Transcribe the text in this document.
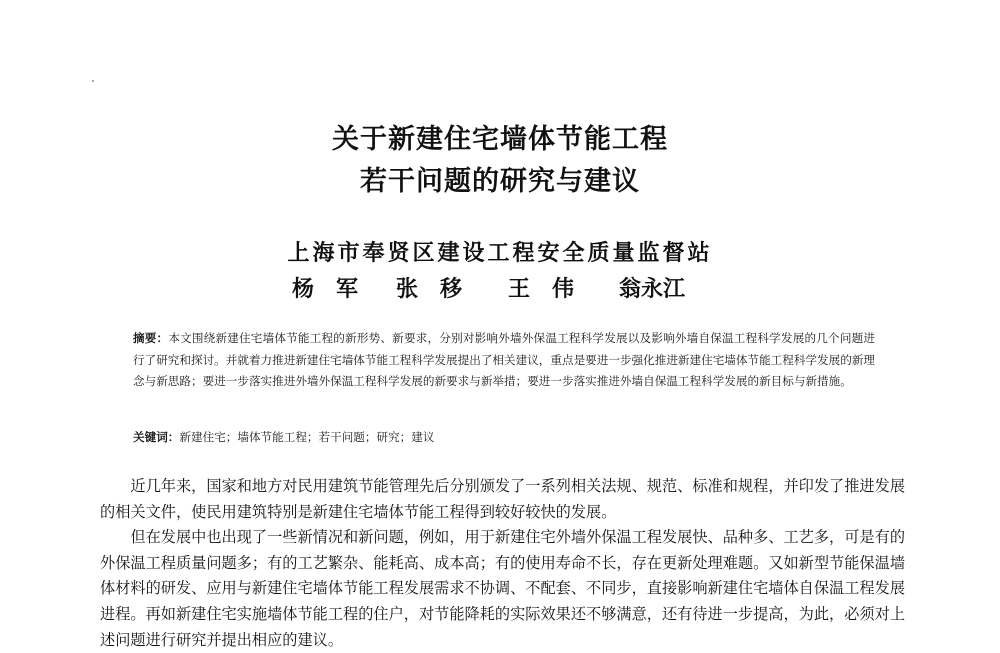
关于新建住宅墙体节能工程
若干问题的研究与建议
上海市奉贤区建设工程安全质量监督站
杨　军 张　移 王　伟 翁永江
摘要：本文围绕新建住宅墙体节能工程的新形势、新要求，分别对影响外墙外保温工程科学发展以及影响外墙自保温工程科学发展的几个问题进行了研究和探讨。并就着力推进新建住宅墙体节能工程科学发展提出了相关建议，重点是要进一步强化推进新建住宅墙体节能工程科学发展的新理念与新思路；要进一步落实推进外墙外保温工程科学发展的新要求与新举措；要进一步落实推进外墙自保温工程科学发展的新目标与新措施。
关键词：新建住宅；墙体节能工程；若干问题；研究；建议

近几年来，国家和地方对民用建筑节能管理先后分别颁发了一系列相关法规、规范、标准和规程，并印发了推进发展的相关文件，使民用建筑特别是新建住宅墙体节能工程得到较好较快的发展。

但在发展中也出现了一些新情况和新问题，例如，用于新建住宅外墙外保温工程发展快、品种多、工艺多，可是有的外保温工程质量问题多；有的工艺繁杂、能耗高、成本高；有的使用寿命不长，存在更新处理难题。又如新型节能保温墙体材料的研发、应用与新建住宅墙体节能工程发展需求不协调、不配套、不同步，直接影响新建住宅墙体自保温工程发展进程。再如新建住宅实施墙体节能工程的住户，对节能降耗的实际效果还不够满意，还有待进一步提高，为此，必须对上述问题进行研究并提出相应的建议。
